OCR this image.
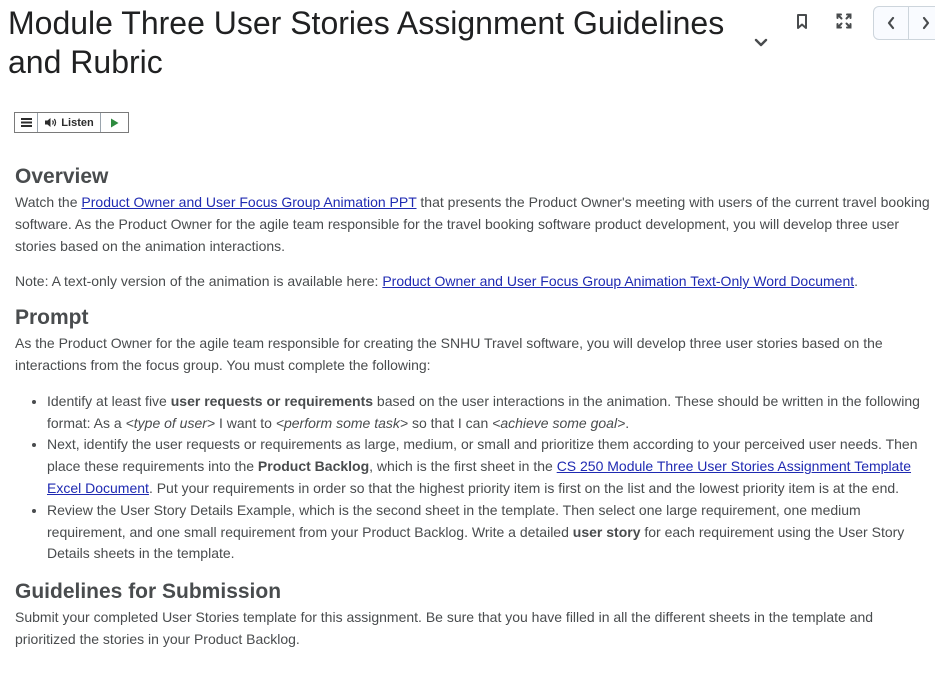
Module Three User Stories Assignment Guidelines and Rubric
Listen
Overview

Watch the Product Owner and User Focus Group Animation PPT that presents the Product Owner's meeting with users of the current travel booking software. As the Product Owner for the agile team responsible for the travel booking software product development, you will develop three user stories based on the animation interactions.

Note: A text-only version of the animation is available here: Product Owner and User Focus Group Animation Text-Only Word Document.

Prompt

As the Product Owner for the agile team responsible for creating the SNHU Travel software, you will develop three user stories based on the interactions from the focus group. You must complete the following:

• Identify at least five user requests or requirements based on the user interactions in the animation. These should be written in the following format: As a <type of user> I want to <perform some task> so that I can <achieve some goal>.
• Next, identify the user requests or requirements as large, medium, or small and prioritize them according to your perceived user needs. Then place these requirements into the Product Backlog, which is the first sheet in the CS 250 Module Three User Stories Assignment Template Excel Document. Put your requirements in order so that the highest priority item is first on the list and the lowest priority item is at the end.
• Review the User Story Details Example, which is the second sheet in the template. Then select one large requirement, one medium requirement, and one small requirement from your Product Backlog. Write a detailed user story for each requirement using the User Story Details sheets in the template.
Guidelines for Submission

Submit your completed User Stories template for this assignment. Be sure that you have filled in all the different sheets in the template and prioritized the stories in your Product Backlog.
